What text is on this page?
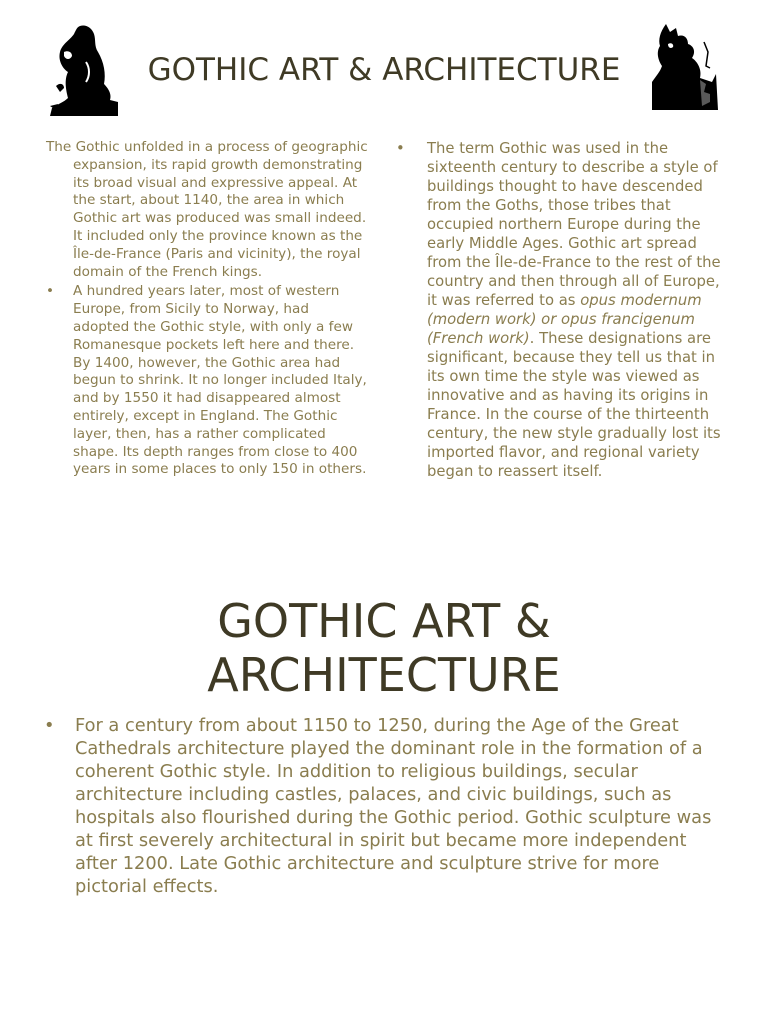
GOTHIC ART & ARCHITECTURE

The Gothic unfolded in a process of geographic expansion, its rapid growth demonstrating its broad visual and expressive appeal. At the start, about 1140, the area in which Gothic art was produced was small indeed. It included only the province known as the Île-de-France (Paris and vicinity), the royal domain of the French kings.

• A hundred years later, most of western Europe, from Sicily to Norway, had adopted the Gothic style, with only a few Romanesque pockets left here and there. By 1400, however, the Gothic area had begun to shrink. It no longer included Italy, and by 1550 it had disappeared almost entirely, except in England. The Gothic layer, then, has a rather complicated shape. Its depth ranges from close to 400 years in some places to only 150 in others.

• The term Gothic was used in the sixteenth century to describe a style of buildings thought to have descended from the Goths, those tribes that occupied northern Europe during the early Middle Ages. Gothic art spread from the Île-de-France to the rest of the country and then through all of Europe, it was referred to as opus modernum (modern work) or opus francigenum (French work). These designations are significant, because they tell us that in its own time the style was viewed as innovative and as having its origins in France. In the course of the thirteenth century, the new style gradually lost its imported flavor, and regional variety began to reassert itself.

GOTHIC ART & ARCHITECTURE

• For a century from about 1150 to 1250, during the Age of the Great Cathedrals architecture played the dominant role in the formation of a coherent Gothic style. In addition to religious buildings, secular architecture including castles, palaces, and civic buildings, such as hospitals also flourished during the Gothic period. Gothic sculpture was at first severely architectural in spirit but became more independent after 1200. Late Gothic architecture and sculpture strive for more pictorial effects.
